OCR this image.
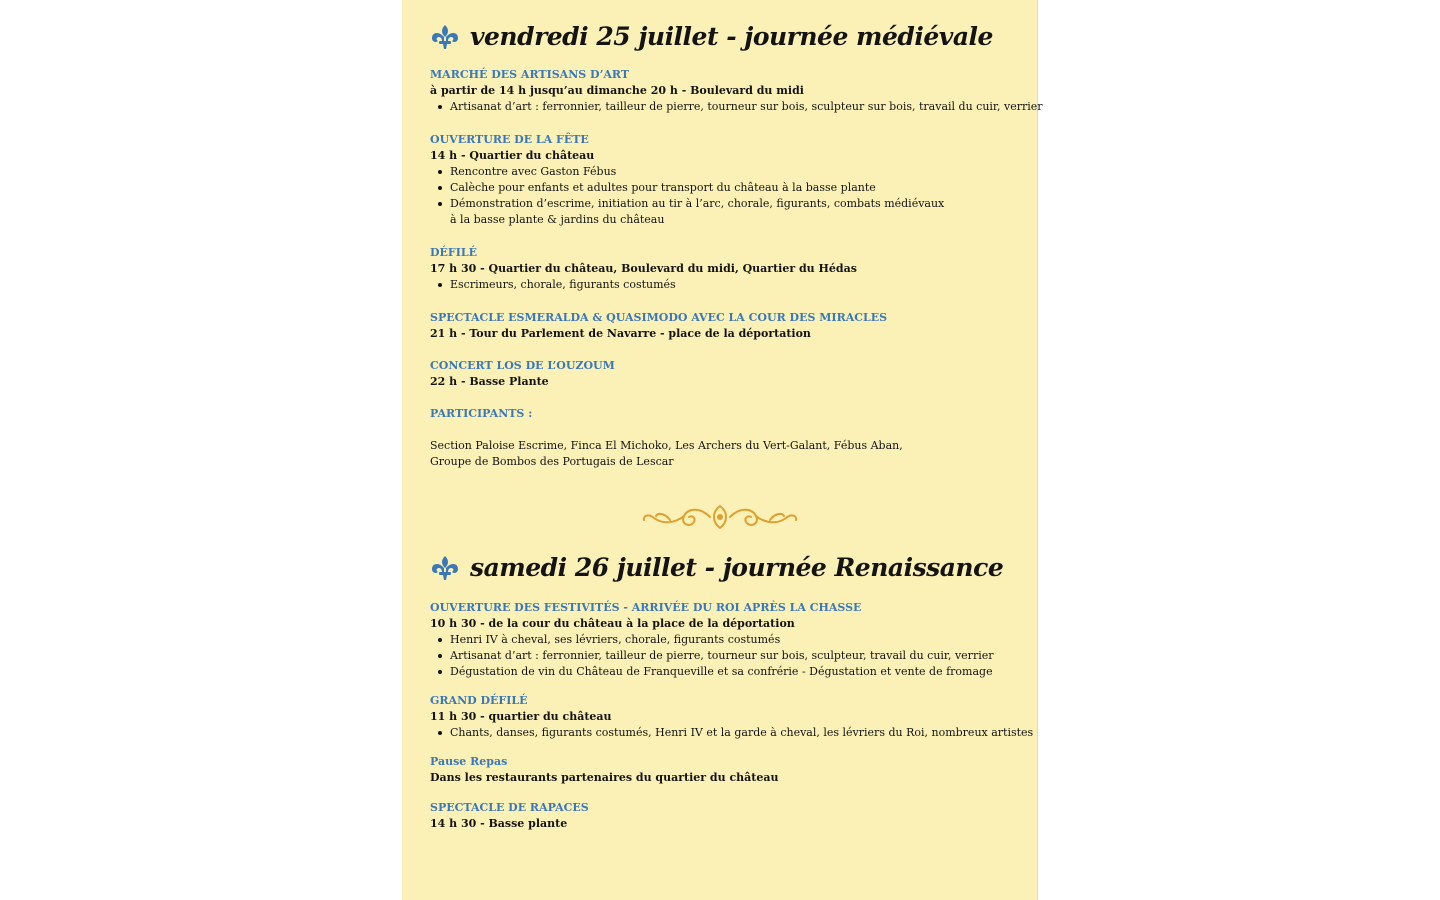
vendredi 25 juillet - journée médiévale
MARCHÉ DES ARTISANS D’ART
à partir de 14 h jusqu’au dimanche 20 h - Boulevard du midi
Artisanat d’art : ferronnier, tailleur de pierre, tourneur sur bois, sculpteur sur bois, travail du cuir, verrier
OUVERTURE DE LA FÊTE
14 h - Quartier du château
Rencontre avec Gaston Fébus
Calèche pour enfants et adultes pour transport du château à la basse plante
Démonstration d’escrime, initiation au tir à l’arc, chorale, figurants, combats médiévaux
à la basse plante & jardins du château
DÉFILÉ
17 h 30 - Quartier du château, Boulevard du midi, Quartier du Hédas
Escrimeurs, chorale, figurants costumés
SPECTACLE ESMERALDA & QUASIMODO AVEC LA COUR DES MIRACLES
21 h - Tour du Parlement de Navarre - place de la déportation
CONCERT LOS DE L’OUZOUM
22 h - Basse Plante
PARTICIPANTS :
Section Paloise Escrime, Finca El Michoko, Les Archers du Vert-Galant, Fébus Aban,
Groupe de Bombos des Portugais de Lescar
samedi 26 juillet - journée Renaissance
OUVERTURE DES FESTIVITÉS - ARRIVÉE DU ROI APRÈS LA CHASSE
10 h 30 - de la cour du château à la place de la déportation
Henri IV à cheval, ses lévriers, chorale, figurants costumés
Artisanat d’art : ferronnier, tailleur de pierre, tourneur sur bois, sculpteur, travail du cuir, verrier
Dégustation de vin du Château de Franqueville et sa confrérie - Dégustation et vente de fromage
GRAND DÉFILÉ
11 h 30 - quartier du château
Chants, danses, figurants costumés, Henri IV et la garde à cheval, les lévriers du Roi, nombreux artistes
Pause Repas
Dans les restaurants partenaires du quartier du château
SPECTACLE DE RAPACES
14 h 30 - Basse plante
